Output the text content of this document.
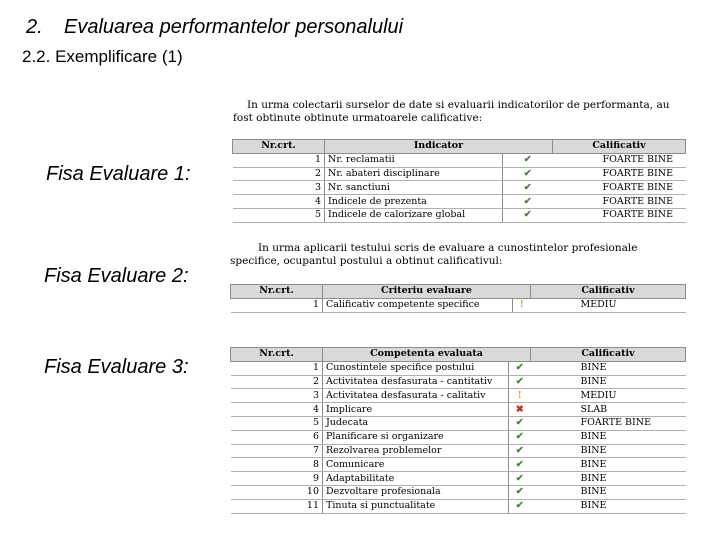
2. Evaluarea performantelor personalului
2.2. Exemplificare (1)
Fisa Evaluare 1:
In urma colectarii surselor de date si evaluarii indicatorilor de performanta, au fost obtinute obtinute urmatoarele calificative:
Nr.crt.	Indicator		Calificativ
1	Nr. reclamatii	✔	FOARTE BINE
2	Nr. abateri disciplinare	✔	FOARTE BINE
3	Nr. sanctiuni	✔	FOARTE BINE
4	Indicele de prezenta	✔	FOARTE BINE
5	Indicele de calorizare global	✔	FOARTE BINE
Fisa Evaluare 2:
In urma aplicarii testului scris de evaluare a cunostintelor profesionale specifice, ocupantul postului a obtinut calificativul:
Nr.crt.	Criteriu evaluare		Calificativ
1	Calificativ competente specifice	!	MEDIU
Fisa Evaluare 3:
Nr.crt.	Competenta evaluata		Calificativ
1	Cunostintele specifice postului	✔	BINE
2	Activitatea desfasurata - cantitativ	✔	BINE
3	Activitatea desfasurata - calitativ	!	MEDIU
4	Implicare	✖	SLAB
5	Judecata	✔	FOARTE BINE
6	Planificare si organizare	✔	BINE
7	Rezolvarea problemelor	✔	BINE
8	Comunicare	✔	BINE
9	Adaptabilitate	✔	BINE
10	Dezvoltare profesionala	✔	BINE
11	Tinuta si punctualitate	✔	BINE
